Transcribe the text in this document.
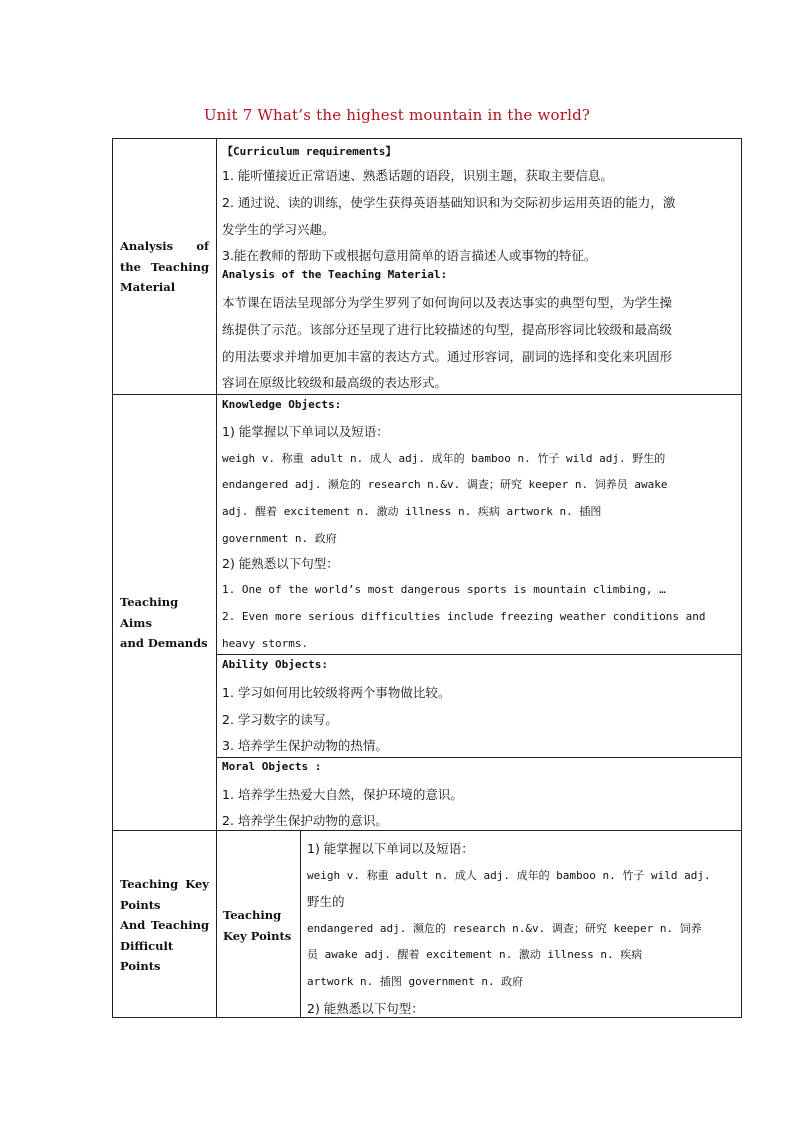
Unit 7 What’s the highest mountain in the world?
Analysis of
the Teaching
Material
【Curriculum requirements】
1. 能听懂接近正常语速、熟悉话题的语段，识别主题，获取主要信息。
2. 通过说、读的训练，使学生获得英语基础知识和为交际初步运用英语的能力，激
发学生的学习兴趣。
3.能在教师的帮助下或根据句意用简单的语言描述人或事物的特征。
Analysis of the Teaching Material:
本节课在语法呈现部分为学生罗列了如何询问以及表达事实的典型句型，为学生操
练提供了示范。该部分还呈现了进行比较描述的句型，提高形容词比较级和最高级
的用法要求并增加更加丰富的表达方式。通过形容词，副词的选择和变化来巩固形
容词在原级比较级和最高级的表达形式。
Teaching Aims
and Demands
Knowledge Objects:
1) 能掌握以下单词以及短语：
weigh v. 称重 adult n. 成人 adj. 成年的 bamboo n. 竹子 wild adj. 野生的
endangered adj. 濒危的 research n.&v. 调查；研究 keeper n. 饲养员 awake
adj. 醒着 excitement n. 激动 illness n. 疾病 artwork n. 插图
government n. 政府
2) 能熟悉以下句型：
1. One of the world’s most dangerous sports is mountain climbing, …
2. Even more serious difficulties include freezing weather conditions and
heavy storms.
Ability Objects:
1. 学习如何用比较级将两个事物做比较。
2. 学习数字的读写。
3. 培养学生保护动物的热情。
Moral Objects :
1. 培养学生热爱大自然，保护环境的意识。
2. 培养学生保护动物的意识。
Teaching Key
Points
And Teaching
Difficult
Points
Teaching
Key Points
1) 能掌握以下单词以及短语：
weigh v. 称重 adult n. 成人 adj. 成年的 bamboo n. 竹子 wild adj.
野生的
endangered adj. 濒危的 research n.&v. 调查；研究 keeper n. 饲养
员 awake adj. 醒着 excitement n. 激动 illness n. 疾病
artwork n. 插图 government n. 政府
2) 能熟悉以下句型：
